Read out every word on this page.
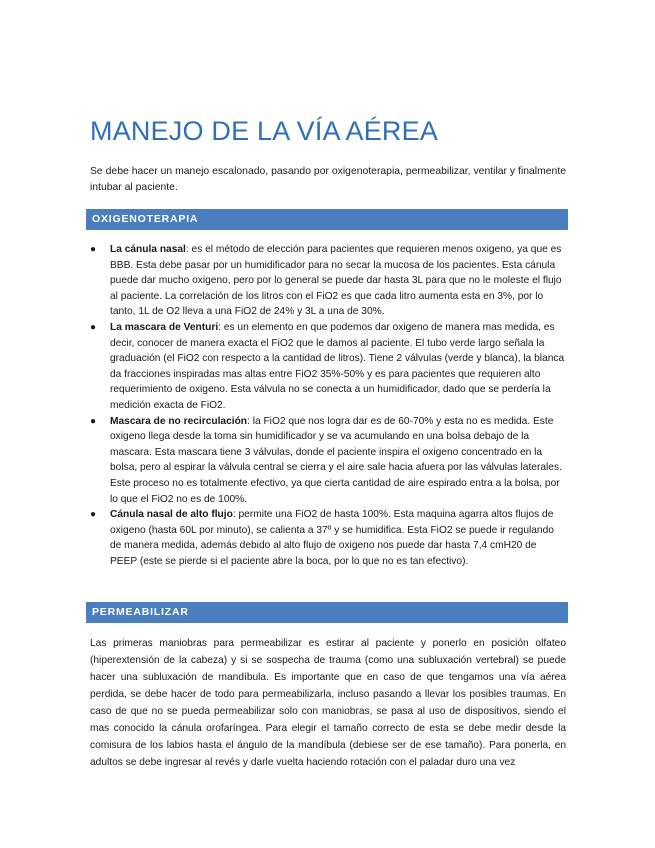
MANEJO DE LA VÍA AÉREA

Se debe hacer un manejo escalonado, pasando por oxigenoterapia, permeabilizar, ventilar y finalmente intubar al paciente.

OXIGENOTERAPIA
● La cánula nasal: es el método de elección para pacientes que requieren menos oxigeno, ya que es BBB. Esta debe pasar por un humidificador para no secar la mucosa de los pacientes. Esta cánula puede dar mucho oxigeno, pero por lo general se puede dar hasta 3L para que no le moleste el flujo al paciente. La correlación de los litros con el FiO2 es que cada litro aumenta esta en 3%, por lo tanto, 1L de O2 lleva a una FiO2 de 24% y 3L a una de 30%.
● La mascara de Venturi: es un elemento en que podemos dar oxigeno de manera mas medida, es decir, conocer de manera exacta el FiO2 que le damos al paciente. El tubo verde largo señala la graduación (el FiO2 con respecto a la cantidad de litros). Tiene 2 válvulas (verde y blanca), la blanca da fracciones inspiradas mas altas entre FiO2 35%-50% y es para pacientes que requieren alto requerimiento de oxigeno. Esta válvula no se conecta a un humidificador, dado que se perdería la medición exacta de FiO2.
● Mascara de no recirculación: la FiO2 que nos logra dar es de 60-70% y esta no es medida. Este oxigeno llega desde la toma sin humidificador y se va acumulando en una bolsa debajo de la mascara. Esta mascara tiene 3 válvulas, donde el paciente inspira el oxigeno concentrado en la bolsa, pero al espirar la válvula central se cierra y el aire sale hacia afuera por las válvulas laterales. Este proceso no es totalmente efectivo, ya que cierta cantidad de aire espirado entra a la bolsa, por lo que el FiO2 no es de 100%.
● Cánula nasal de alto flujo: permite una FiO2 de hasta 100%. Esta maquina agarra altos flujos de oxigeno (hasta 60L por minuto), se calienta a 37º y se humidifica. Esta FiO2 se puede ir regulando de manera medida, además debido al alto flujo de oxigeno nos puede dar hasta 7,4 cmH20 de PEEP (este se pierde si el paciente abre la boca, por lo que no es tan efectivo).
PERMEABILIZAR

Las primeras maniobras para permeabilizar es estirar al paciente y ponerlo en posición olfateo (hiperextensión de la cabeza) y si se sospecha de trauma (como una subluxación vertebral) se puede hacer una subluxación de mandíbula. Es importante que en caso de que tengamos una vía aérea perdida, se debe hacer de todo para permeabilizarla, incluso pasando a llevar los posibles traumas. En caso de que no se pueda permeabilizar solo con maniobras, se pasa al uso de dispositivos, siendo el mas conocido la cánula orofaríngea. Para elegir el tamaño correcto de esta se debe medir desde la comisura de los labios hasta el ángulo de la mandíbula (debiese ser de ese tamaño). Para ponerla, en adultos se debe ingresar al revés y darle vuelta haciendo rotación con el paladar duro una vez
